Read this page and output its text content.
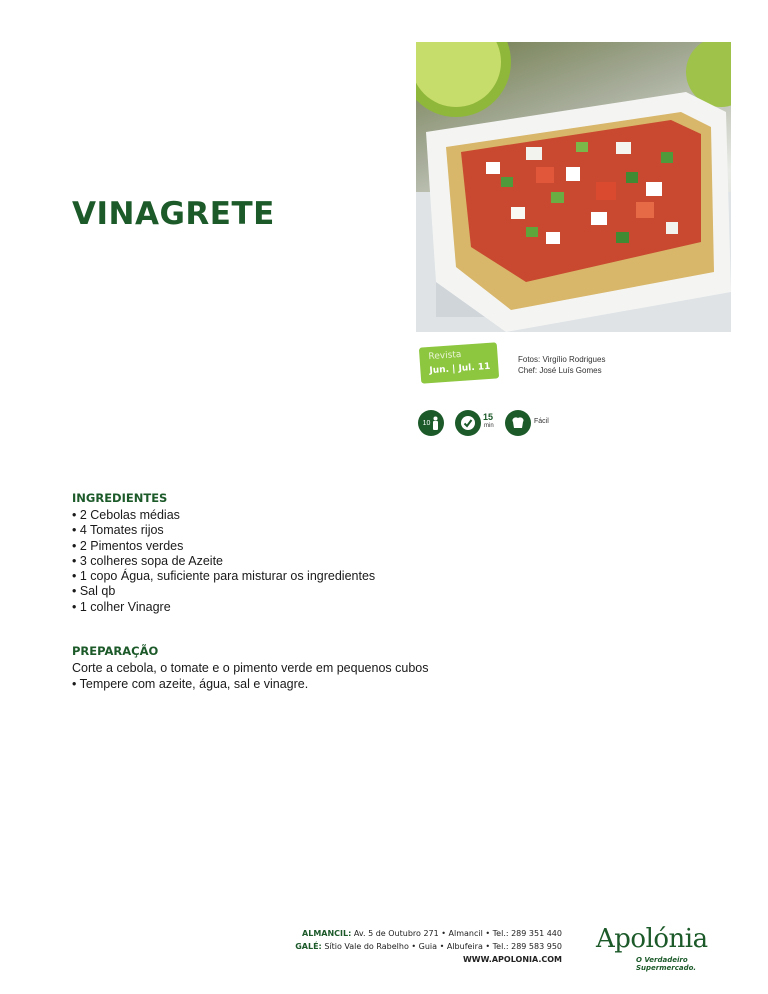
VINAGRETE
Revista
Jun. | Jul. 11
Fotos: Virgílio Rodrigues
Chef: José Luís Gomes
10
15
min
Fácil
INGREDIENTES
• 2 Cebolas médias
• 4 Tomates rijos
• 2 Pimentos verdes
• 3 colheres sopa de Azeite
• 1 copo Água, suficiente para misturar os ingredientes
• Sal qb
• 1 colher Vinagre
PREPARAÇÃO
Corte a cebola, o tomate e o pimento verde em pequenos cubos
• Tempere com azeite, água, sal e vinagre.
ALMANCIL: Av. 5 de Outubro 271 • Almancil • Tel.: 289 351 440
GALÉ: Sítio Vale do Rabelho • Guia • Albufeira • Tel.: 289 583 950
WWW.APOLONIA.COM
Apolónia
O Verdadeiro Supermercado.
